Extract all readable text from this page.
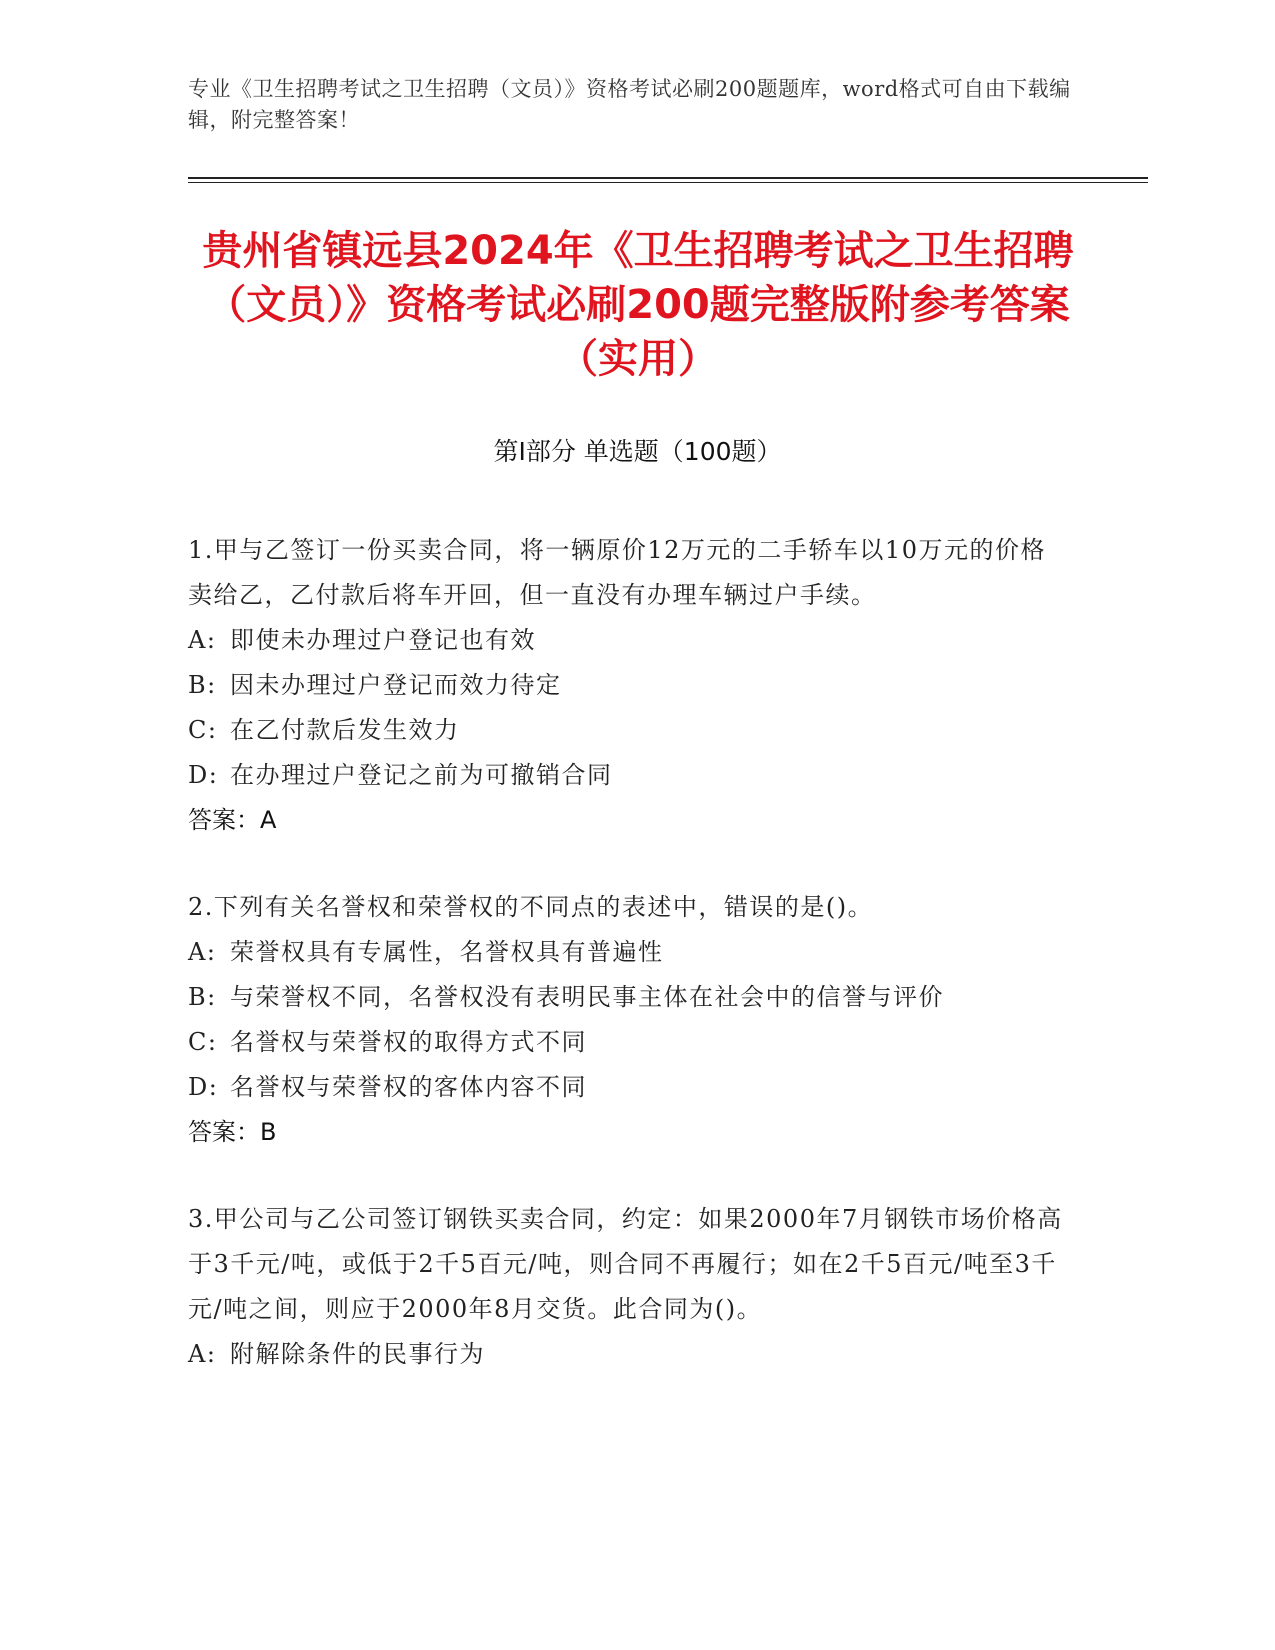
专业《卫生招聘考试之卫生招聘（文员）》资格考试必刷200题题库，word格式可自由下载编辑，附完整答案！
贵州省镇远县2024年《卫生招聘考试之卫生招聘（文员）》资格考试必刷200题完整版附参考答案（实用）
第Ⅰ部分 单选题（100题）
1.甲与乙签订一份买卖合同，将一辆原价12万元的二手轿车以10万元的价格卖给乙，乙付款后将车开回，但一直没有办理车辆过户手续。
A: 即使未办理过户登记也有效
B: 因未办理过户登记而效力待定
C: 在乙付款后发生效力
D: 在办理过户登记之前为可撤销合同
答案：A
2.下列有关名誉权和荣誉权的不同点的表述中，错误的是()。
A: 荣誉权具有专属性，名誉权具有普遍性
B: 与荣誉权不同，名誉权没有表明民事主体在社会中的信誉与评价
C: 名誉权与荣誉权的取得方式不同
D: 名誉权与荣誉权的客体内容不同
答案：B
3.甲公司与乙公司签订钢铁买卖合同，约定：如果2000年7月钢铁市场价格高于3千元/吨，或低于2千5百元/吨，则合同不再履行；如在2千5百元/吨至3千元/吨之间，则应于2000年8月交货。此合同为()。
A: 附解除条件的民事行为
